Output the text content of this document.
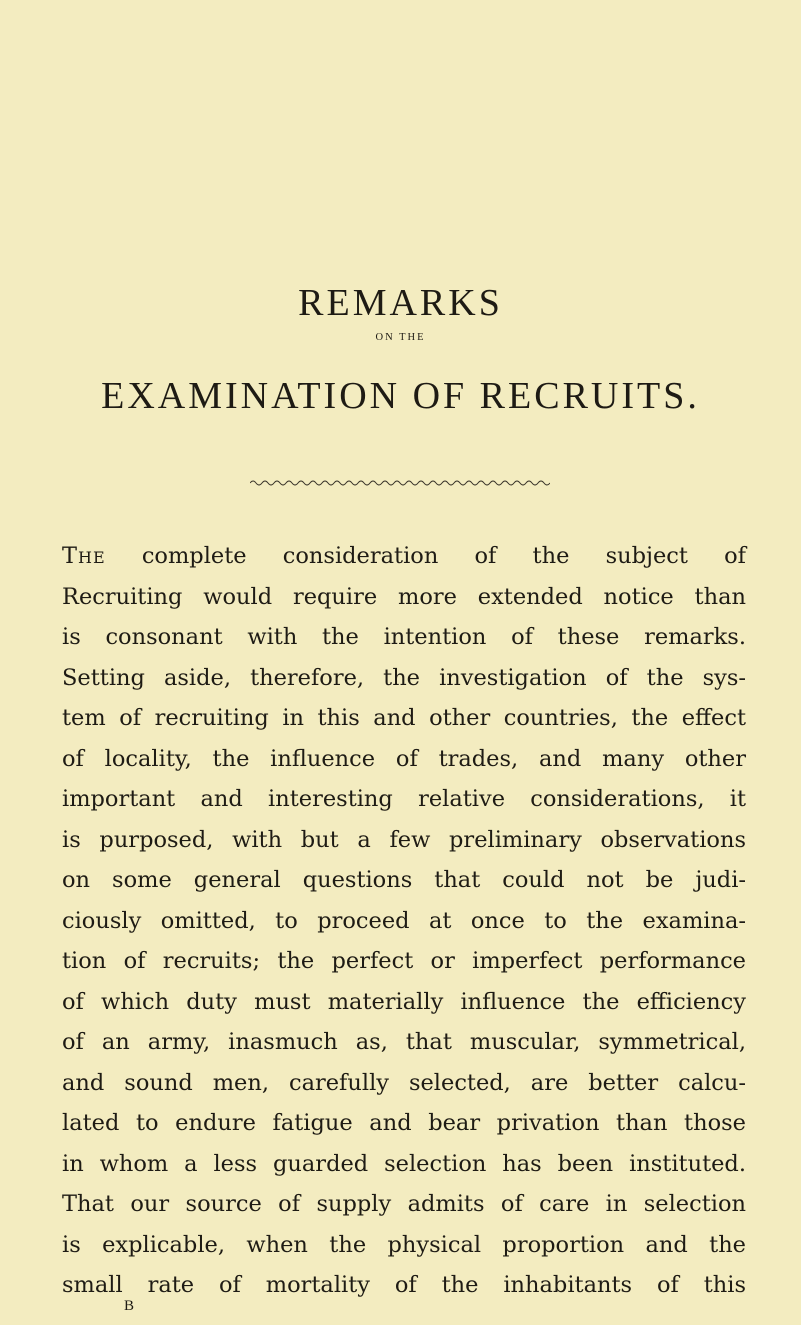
REMARKS
ON THE
EXAMINATION OF RECRUITS.

The complete consideration of the subject of
Recruiting would require more extended notice than
is consonant with the intention of these remarks.
Setting aside, therefore, the investigation of the sys-
tem of recruiting in this and other countries, the effect
of locality, the influence of trades, and many other
important and interesting relative considerations, it
is purposed, with but a few preliminary observations
on some general questions that could not be judi-
ciously omitted, to proceed at once to the examina-
tion of recruits; the perfect or imperfect performance
of which duty must materially influence the efficiency
of an army, inasmuch as, that muscular, symmetrical,
and sound men, carefully selected, are better calcu-
lated to endure fatigue and bear privation than those
in whom a less guarded selection has been instituted.
That our source of supply admits of care in selection
is explicable, when the physical proportion and the
small rate of mortality of the inhabitants of this

B
